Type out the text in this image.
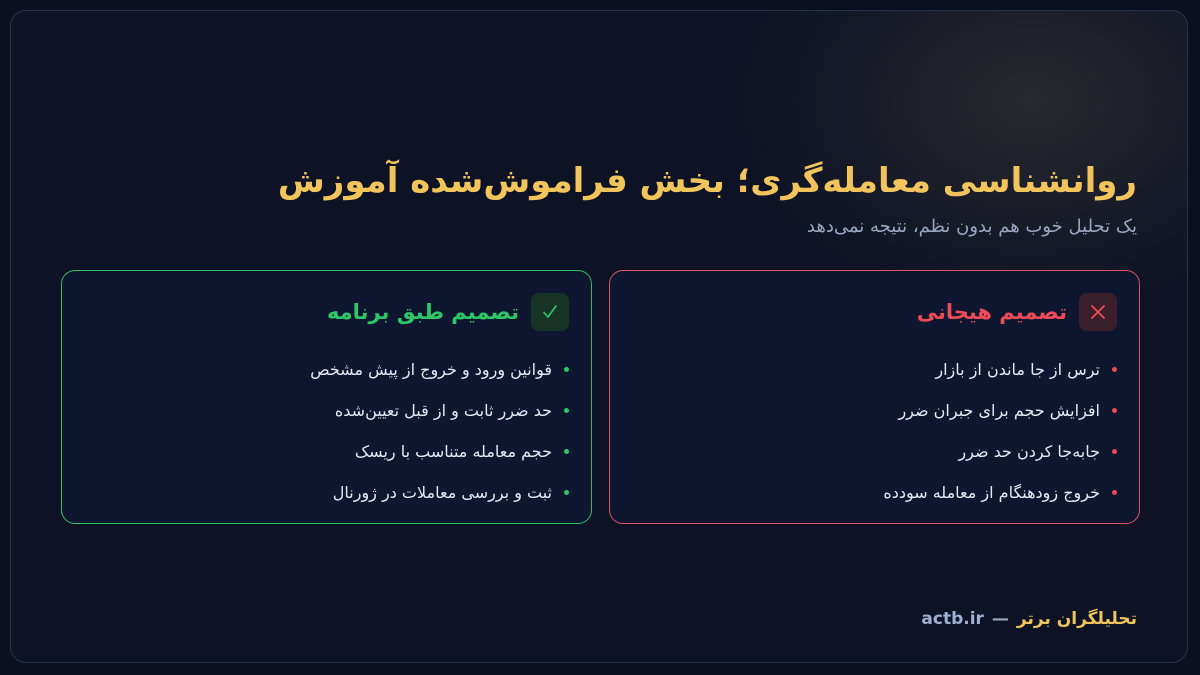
روانشناسی معامله‌گری؛ بخش فراموش‌شده آموزش

یک تحلیل خوب هم بدون نظم، نتیجه نمی‌دهد

تصمیم هیجانی
ترس از جا ماندن از بازار
افزایش حجم برای جبران ضرر
جابه‌جا کردن حد ضرر
خروج زودهنگام از معامله سودده
تصمیم طبق برنامه
قوانین ورود و خروج از پیش مشخص
حد ضرر ثابت و از قبل تعیین‌شده
حجم معامله متناسب با ریسک
ثبت و بررسی معاملات در ژورنال
تحلیلگران برتر
—
actb.ir
